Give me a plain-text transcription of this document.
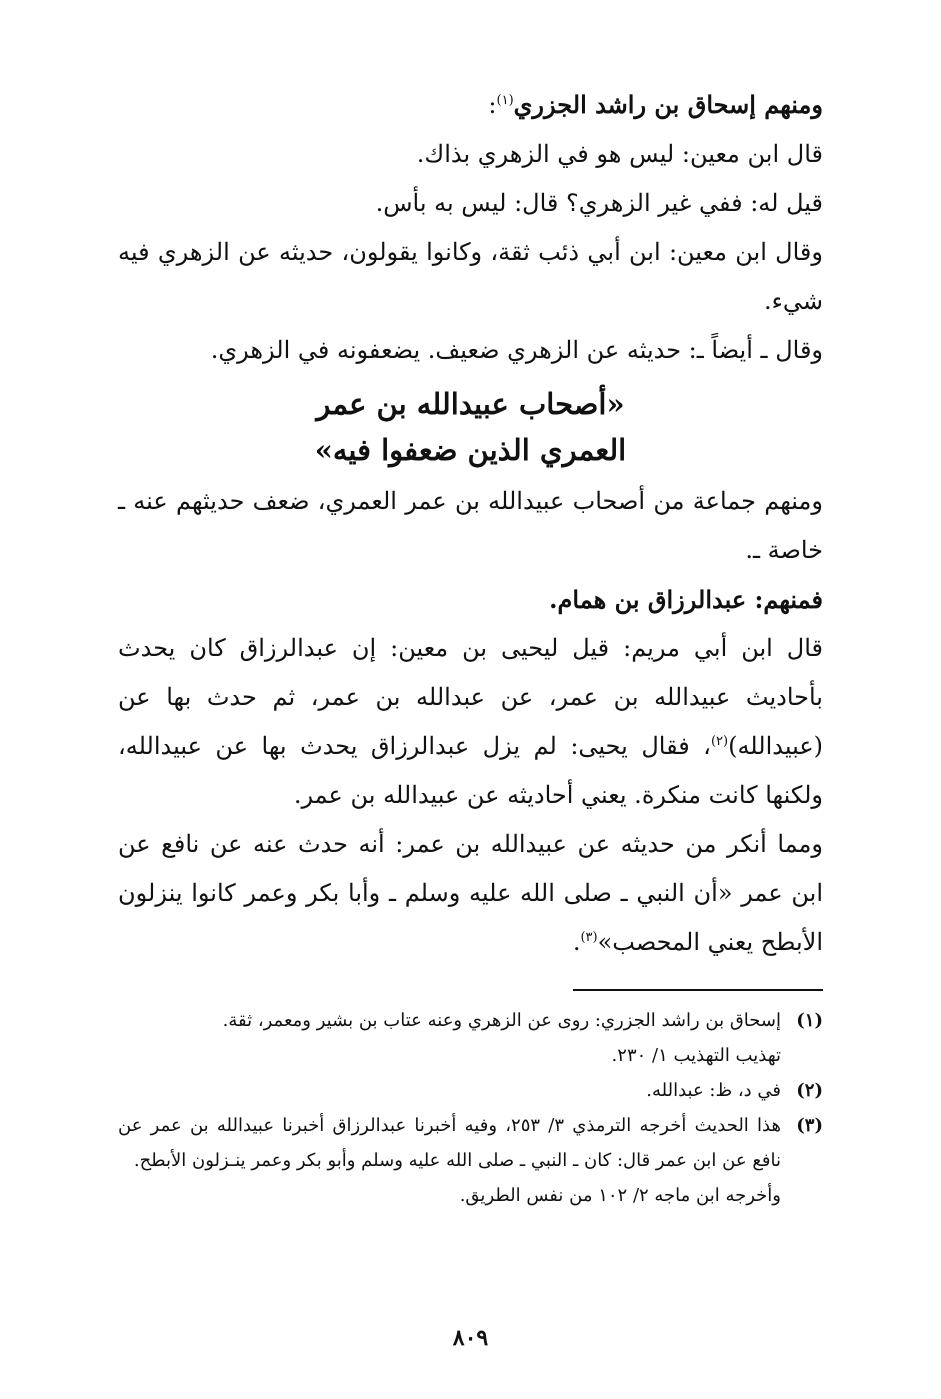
ومنهم إسحاق بن راشد الجزري$^{(١)}$:

قال ابن معين: ليس هو في الزهري بذاك.

قيل له: ففي غير الزهري؟ قال: ليس به بأس.

وقال ابن معين: ابن أبي ذئب ثقة، وكانوا يقولون، حديثه عن الزهري فيه شيء.

وقال ـ أيضاً ـ: حديثه عن الزهري ضعيف. يضعفونه في الزهري.

«أصحاب عبيدالله بن عمر
العمري الذين ضعفوا فيه»

ومنهم جماعة من أصحاب عبيدالله بن عمر العمري، ضعف حديثهم عنه ـ خاصة ـ.

فمنهم: عبدالرزاق بن همام.

قال ابن أبي مريم: قيل ليحيى بن معين: إن عبدالرزاق كان يحدث بأحاديث عبيدالله بن عمر، عن عبدالله بن عمر، ثم حدث بها عن (عبيدالله)$^{(٢)}$، فقال يحيى: لم يزل عبدالرزاق يحدث بها عن عبيدالله، ولكنها كانت منكرة. يعني أحاديثه عن عبيدالله بن عمر.

ومما أنكر من حديثه عن عبيدالله بن عمر: أنه حدث عنه عن نافع عن ابن عمر «أن النبي ـ صلى الله عليه وسلم ـ وأبا بكر وعمر كانوا ينزلون الأبطح يعني المحصب»$^{(٣)}$.

(١)
إسحاق بن راشد الجزري: روى عن الزهري وعنه عتاب بن بشير ومعمر، ثقة.
تهذيب التهذيب ١/ ٢٣٠.
(٢)
في د، ظ: عبدالله.
(٣)
هذا الحديث أخرجه الترمذي ٣/ ٢٥٣، وفيه أخبرنا عبدالرزاق أخبرنا عبيدالله بن عمر عن نافع عن ابن عمر قال: كان ـ النبي ـ صلى الله عليه وسلم وأبو بكر وعمر ينـزلون الأبطح.
وأخرجه ابن ماجه ٢/ ١٠٢ من نفس الطريق.
٨٠٩
